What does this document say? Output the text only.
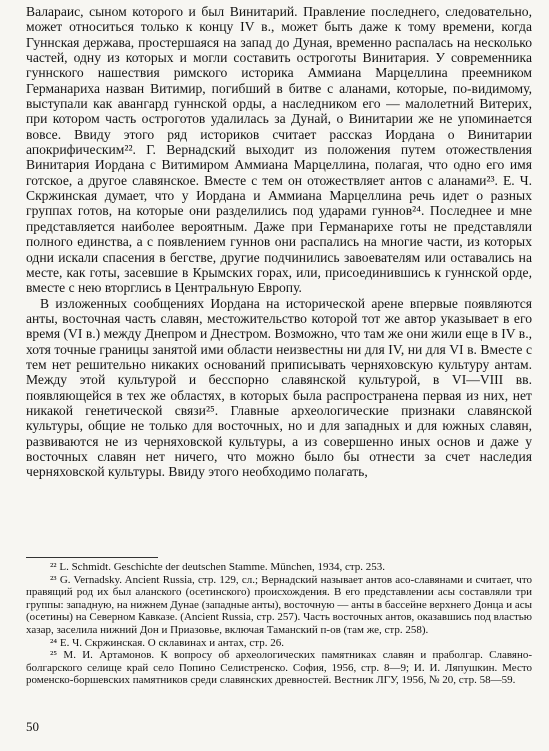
Валараис, сыном которого и был Винитарий. Правление последнего, следовательно, может относиться только к концу IV в., может быть даже к тому времени, когда Гуннская держава, простершаяся на запад до Дуная, временно распалась на несколько частей, одну из которых и могли составить остроготы Винитария. У современника гуннского нашествия римского историка Аммиана Марцеллина преемником Германариха назван Витимир, погибший в битве с аланами, которые, по-видимому, выступали как авангард гуннской орды, а наследником его — малолетний Витерих, при котором часть остроготов удалилась за Дунай, о Винитарии же не упоминается вовсе. Ввиду этого ряд историков считает рассказ Иордана о Винитарии апокрифическим²². Г. Вернадский выходит из положения путем отожествления Винитария Иордана с Витимиром Аммиана Марцеллина, полагая, что одно его имя готское, а другое славянское. Вместе с тем он отожествляет антов с аланами²³. Е. Ч. Скржинская думает, что у Иордана и Аммиана Марцеллина речь идет о разных группах готов, на которые они разделились под ударами гуннов²⁴. Последнее и мне представляется наиболее вероятным. Даже при Германарихе готы не представляли полного единства, а с появлением гуннов они распались на многие части, из которых одни искали спасения в бегстве, другие подчинились завоевателям или оставались на месте, как готы, засевшие в Крымских горах, или, присоединившись к гуннской орде, вместе с нею вторглись в Центральную Европу.

В изложенных сообщениях Иордана на исторической арене впервые появляются анты, восточная часть славян, местожительство которой тот же автор указывает в его время (VI в.) между Днепром и Днестром. Возможно, что там же они жили еще в IV в., хотя точные границы занятой ими области неизвестны ни для IV, ни для VI в. Вместе с тем нет решительно никаких оснований приписывать черняховскую культуру антам. Между этой культурой и бесспорно славянской культурой, в VI—VIII вв. появляющейся в тех же областях, в которых была распространена первая из них, нет никакой генетической связи²⁵. Главные археологические признаки славянской культуры, общие не только для восточных, но и для западных и для южных славян, развиваются не из черняховской культуры, а из совершенно иных основ и даже у восточных славян нет ничего, что можно было бы отнести за счет наследия черняховской культуры. Ввиду этого необходимо полагать,

²² L. Schmidt. Geschichte der deutschen Stamme. München, 1934, стр. 253.

²³ G. Vernadsky. Ancient Russia, стр. 129, сл.; Вернадский называет антов асо-славянами и считает, что правящий род их был аланского (осетинского) происхождения. В его представлении асы составляли три группы: западную, на нижнем Дунае (западные анты), восточную — анты в бассейне верхнего Донца и асы (осетины) на Северном Кавказе. (Ancient Russia, стр. 257). Часть восточных антов, оказавшись под властью хазар, заселила нижний Дон и Приазовье, включая Таманский п-ов (там же, стр. 258).

²⁴ Е. Ч. Скржинская. О склавинах и антах, стр. 26.

²⁵ М. И. Артамонов. К вопросу об археологических памятниках славян и праболгар. Славяно-болгарского селище край село Попино Селистренско. София, 1956, стр. 8—9; И. И. Ляпушкин. Место роменско-боршевских памятников среди славянских древностей. Вестник ЛГУ, 1956, № 20, стр. 58—59.

50
